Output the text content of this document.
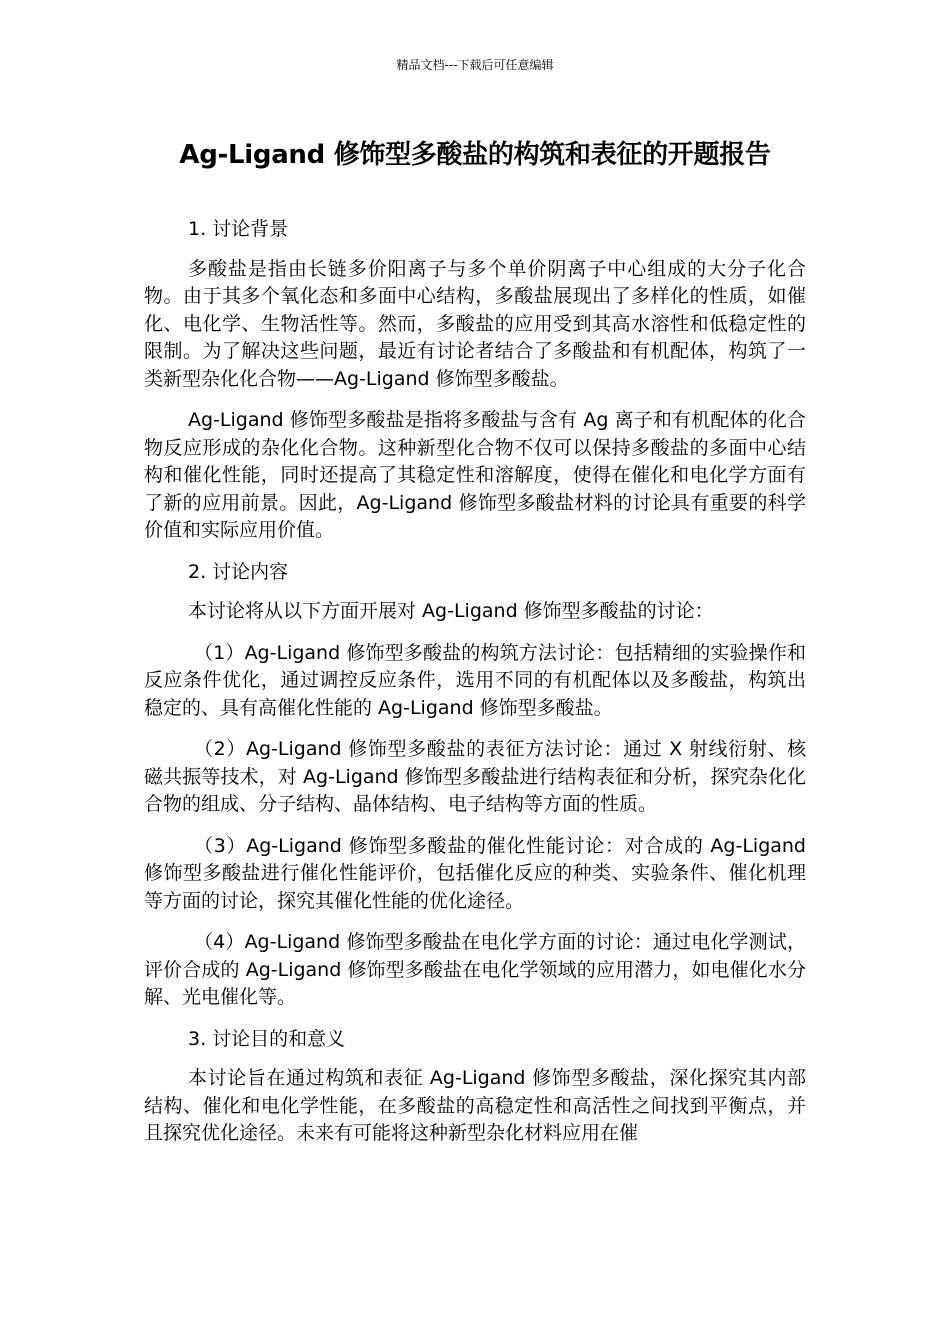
精品文档---下载后可任意编辑
Ag-Ligand 修饰型多酸盐的构筑和表征的开题报告

1. 讨论背景

多酸盐是指由长链多价阳离子与多个单价阴离子中心组成的大分子化合物。由于其多个氧化态和多面中心结构，多酸盐展现出了多样化的性质，如催化、电化学、生物活性等。然而，多酸盐的应用受到其高水溶性和低稳定性的限制。为了解决这些问题，最近有讨论者结合了多酸盐和有机配体，构筑了一类新型杂化化合物——Ag-Ligand 修饰型多酸盐。

Ag-Ligand 修饰型多酸盐是指将多酸盐与含有 Ag 离子和有机配体的化合物反应形成的杂化化合物。这种新型化合物不仅可以保持多酸盐的多面中心结构和催化性能，同时还提高了其稳定性和溶解度，使得在催化和电化学方面有了新的应用前景。因此，Ag-Ligand 修饰型多酸盐材料的讨论具有重要的科学价值和实际应用价值。

2. 讨论内容

本讨论将从以下方面开展对 Ag-Ligand 修饰型多酸盐的讨论：

（1）Ag-Ligand 修饰型多酸盐的构筑方法讨论：包括精细的实验操作和反应条件优化，通过调控反应条件，选用不同的有机配体以及多酸盐，构筑出稳定的、具有高催化性能的 Ag-Ligand 修饰型多酸盐。

（2）Ag-Ligand 修饰型多酸盐的表征方法讨论：通过 X 射线衍射、核磁共振等技术，对 Ag-Ligand 修饰型多酸盐进行结构表征和分析，探究杂化化合物的组成、分子结构、晶体结构、电子结构等方面的性质。

（3）Ag-Ligand 修饰型多酸盐的催化性能讨论：对合成的 Ag-Ligand 修饰型多酸盐进行催化性能评价，包括催化反应的种类、实验条件、催化机理等方面的讨论，探究其催化性能的优化途径。

（4）Ag-Ligand 修饰型多酸盐在电化学方面的讨论：通过电化学测试，评价合成的 Ag-Ligand 修饰型多酸盐在电化学领域的应用潜力，如电催化水分解、光电催化等。

3. 讨论目的和意义

本讨论旨在通过构筑和表征 Ag-Ligand 修饰型多酸盐，深化探究其内部结构、催化和电化学性能，在多酸盐的高稳定性和高活性之间找到平衡点，并且探究优化途径。未来有可能将这种新型杂化材料应用在催
